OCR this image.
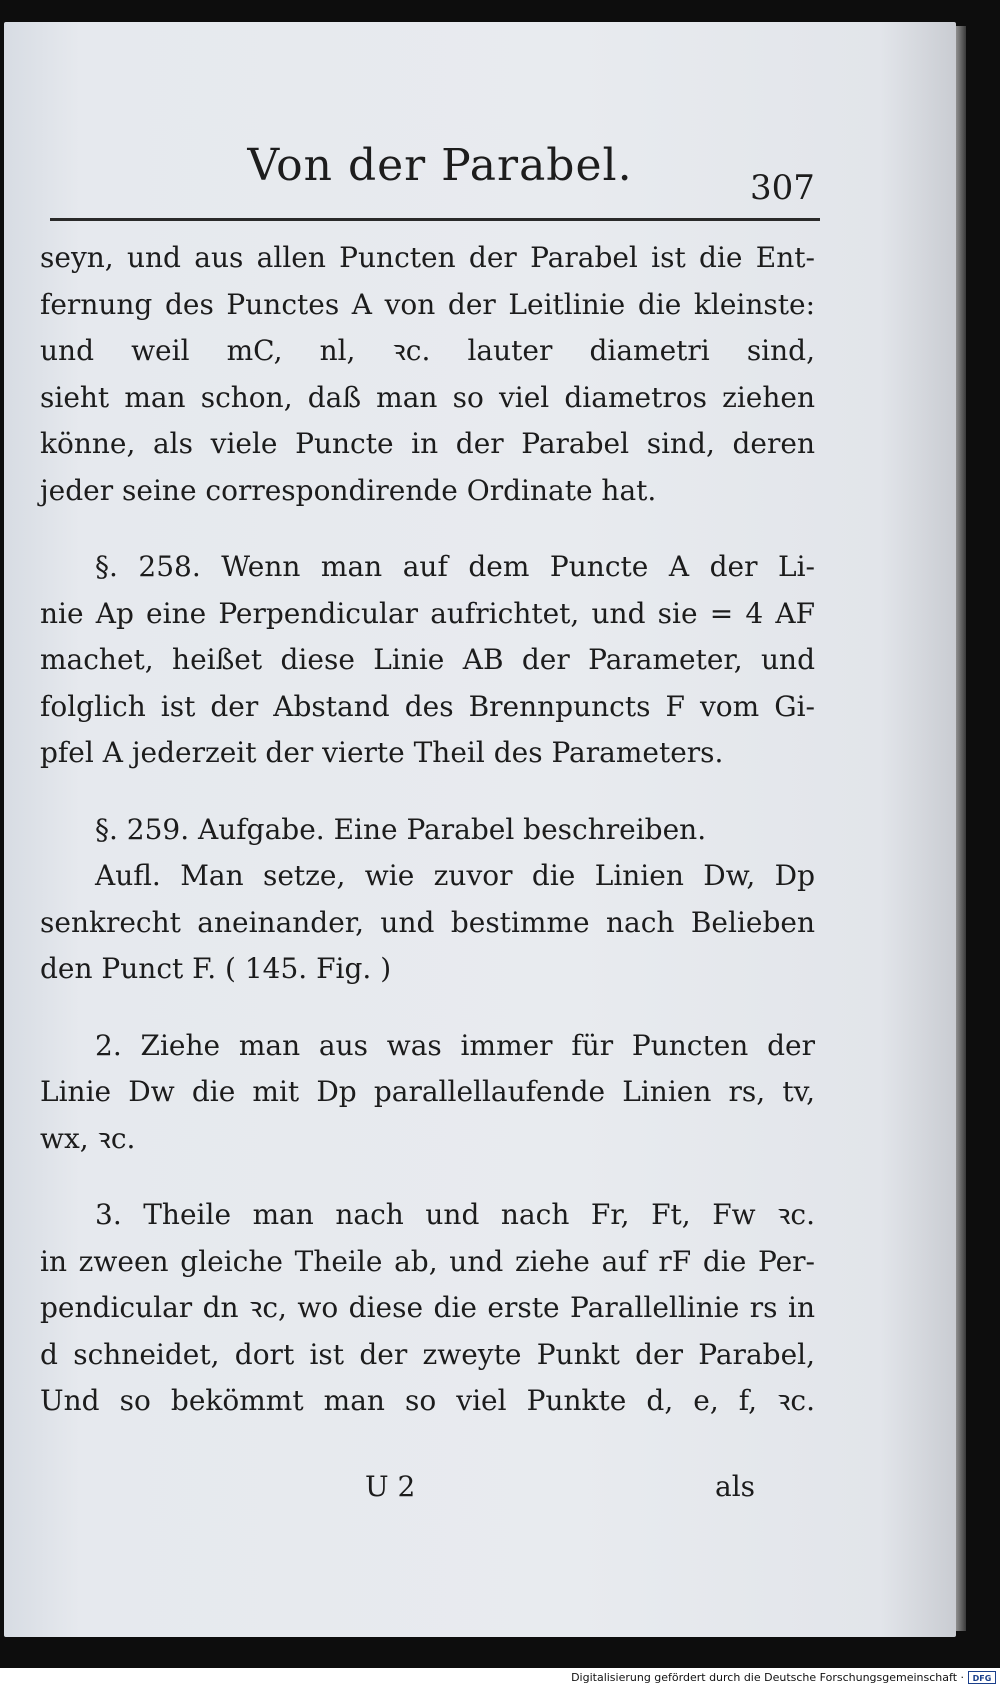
Von der Parabel.	307
seyn, und aus allen Puncten der Parabel ist die Ent-
fernung des Punctes A von der Leitlinie die kleinste:
und weil mC, nl, ꝛc. lauter diametri sind,
sieht man schon, daß man so viel diametros ziehen
könne, als viele Puncte in der Parabel sind, deren
jeder seine correspondirende Ordinate hat.
§. 258. Wenn man auf dem Puncte A der Li-
nie Ap eine Perpendicular aufrichtet, und sie = 4 AF
machet, heißet diese Linie AB der Parameter, und
folglich ist der Abstand des Brennpuncts F vom Gi-
pfel A jederzeit der vierte Theil des Parameters.
§. 259. Aufgabe. Eine Parabel beschreiben.
Aufl. Man setze, wie zuvor die Linien Dw, Dp
senkrecht aneinander, und bestimme nach Belieben
den Punct F. ( 145. Fig. )
2. Ziehe man aus was immer für Puncten der
Linie Dw die mit Dp parallellaufende Linien rs, tv,
wx, ꝛc.
3. Theile man nach und nach Fr, Ft, Fw ꝛc.
in zween gleiche Theile ab, und ziehe auf rF die Per-
pendicular dn ꝛc, wo diese die erste Parallellinie rs in
d schneidet, dort ist der zweyte Punkt der Parabel,
Und so bekömmt man so viel Punkte d, e, f, ꝛc.
U 2	als
Digitalisierung gefördert durch die Deutsche Forschungsgemeinschaft ·	DFG
